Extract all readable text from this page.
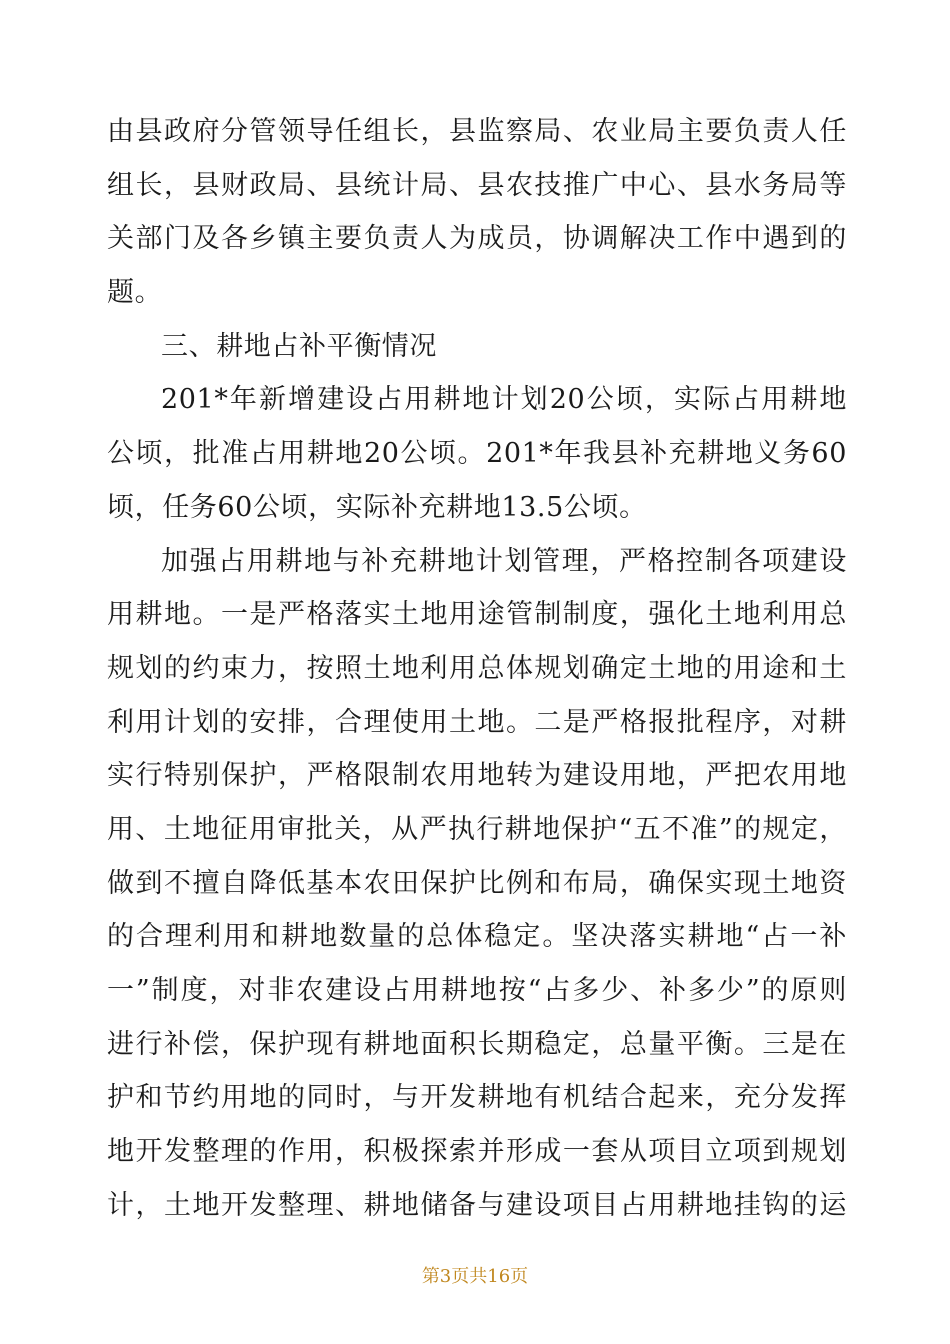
由县政府分管领导任组长，县监察局、农业局主要负责人任
组长，县财政局、县统计局、县农技推广中心、县水务局等
关部门及各乡镇主要负责人为成员，协调解决工作中遇到的
题。
三、耕地占补平衡情况
201*年新增建设占用耕地计划20公顷，实际占用耕地
公顷，批准占用耕地20公顷。201*年我县补充耕地义务60
顷，任务60公顷，实际补充耕地13.5公顷。
加强占用耕地与补充耕地计划管理，严格控制各项建设
用耕地。一是严格落实土地用途管制制度，强化土地利用总
规划的约束力，按照土地利用总体规划确定土地的用途和土
利用计划的安排，合理使用土地。二是严格报批程序，对耕
实行特别保护，严格限制农用地转为建设用地，严把农用地
用、土地征用审批关，从严执行耕地保护“五不准”的规定，
做到不擅自降低基本农田保护比例和布局，确保实现土地资
的合理利用和耕地数量的总体稳定。坚决落实耕地“占一补
一”制度，对非农建设占用耕地按“占多少、补多少”的原则
进行补偿，保护现有耕地面积长期稳定，总量平衡。三是在
护和节约用地的同时，与开发耕地有机结合起来，充分发挥
地开发整理的作用，积极探索并形成一套从项目立项到规划
计，土地开发整理、耕地储备与建设项目占用耕地挂钩的运
第3页共16页
